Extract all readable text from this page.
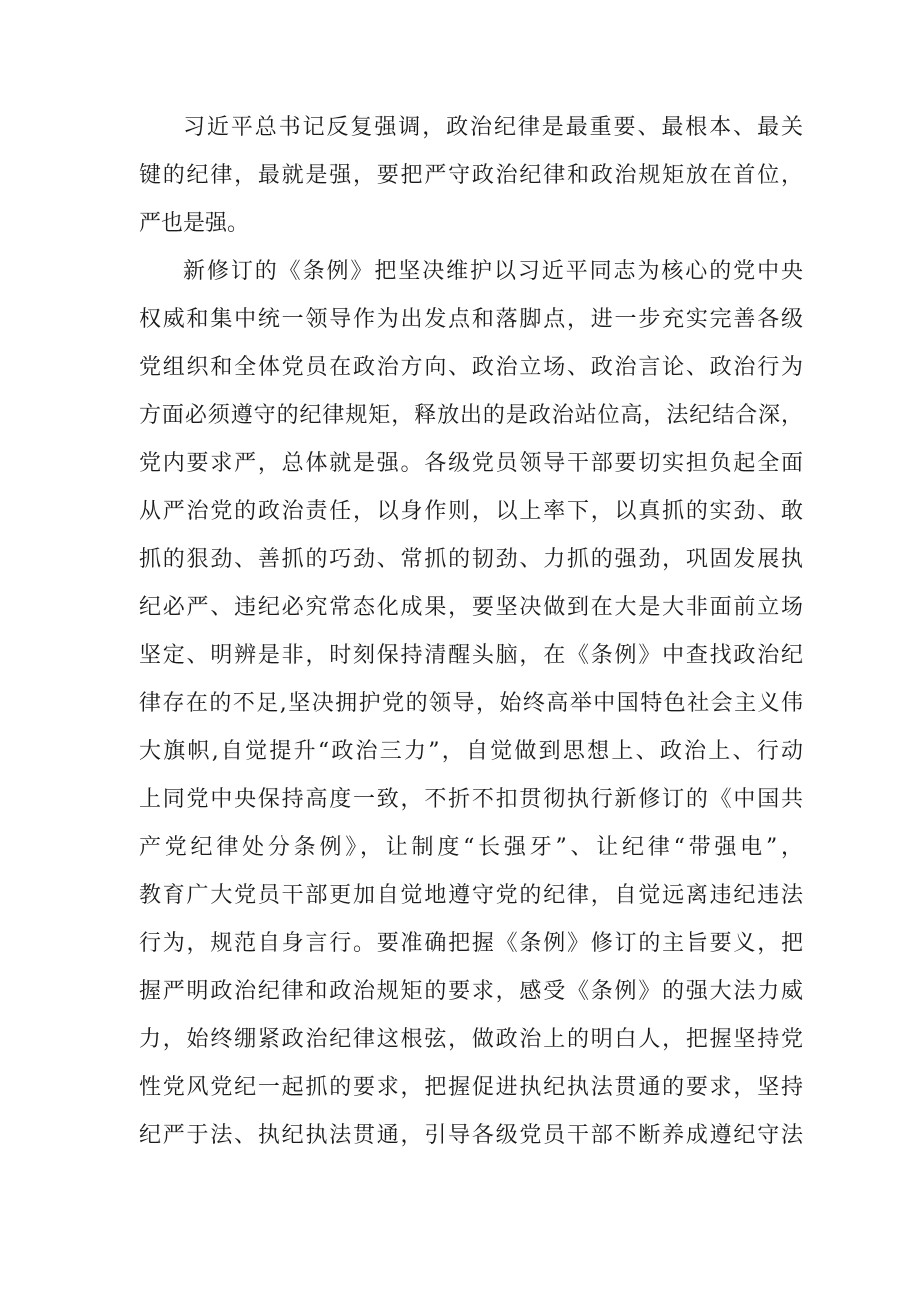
习近平总书记反复强调，政治纪律是最重要、最根本、最关
键的纪律，最就是强，要把严守政治纪律和政治规矩放在首位，
严也是强。
新修订的《条例》把坚决维护以习近平同志为核心的党中央
权威和集中统一领导作为出发点和落脚点，进一步充实完善各级
党组织和全体党员在政治方向、政治立场、政治言论、政治行为
方面必须遵守的纪律规矩，释放出的是政治站位高，法纪结合深，
党内要求严，总体就是强。各级党员领导干部要切实担负起全面
从严治党的政治责任，以身作则，以上率下，以真抓的实劲、敢
抓的狠劲、善抓的巧劲、常抓的韧劲、力抓的强劲，巩固发展执
纪必严、违纪必究常态化成果，要坚决做到在大是大非面前立场
坚定、明辨是非，时刻保持清醒头脑，在《条例》中查找政治纪
律存在的不足,坚决拥护党的领导，始终高举中国特色社会主义伟
大旗帜,自觉提升“政治三力”，自觉做到思想上、政治上、行动
上同党中央保持高度一致，不折不扣贯彻执行新修订的《中国共
产党纪律处分条例》，让制度“长强牙”、让纪律“带强电”，
教育广大党员干部更加自觉地遵守党的纪律，自觉远离违纪违法
行为，规范自身言行。要准确把握《条例》修订的主旨要义，把
握严明政治纪律和政治规矩的要求，感受《条例》的强大法力威
力，始终绷紧政治纪律这根弦，做政治上的明白人，把握坚持党
性党风党纪一起抓的要求，把握促进执纪执法贯通的要求，坚持
纪严于法、执纪执法贯通，引导各级党员干部不断养成遵纪守法
